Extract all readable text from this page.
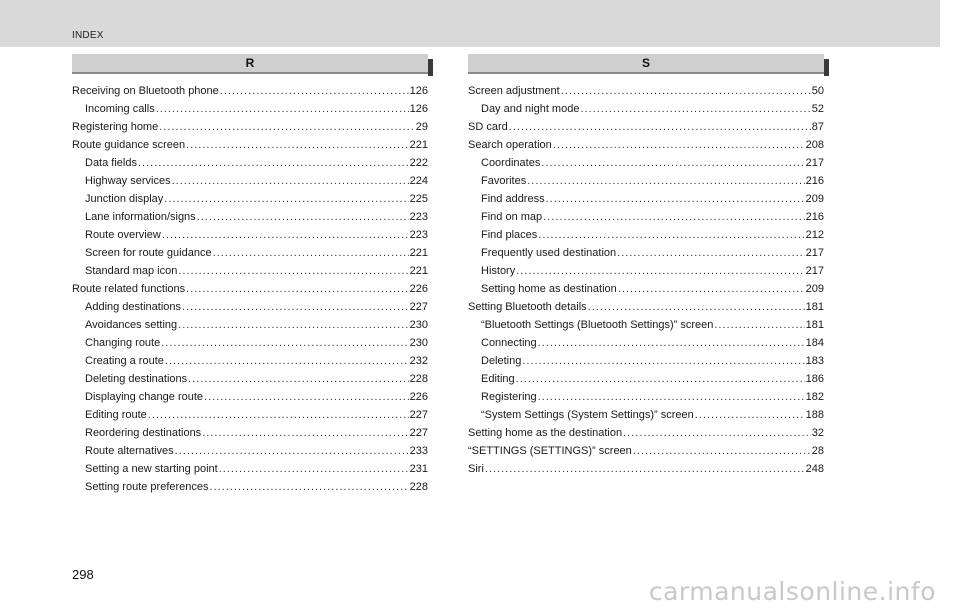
INDEX
R	S
Receiving on Bluetooth phone .....	126
Incoming calls .....	126
Registering home .....	29
Route guidance screen .....	221
Data fields .....	222
Highway services .....	224
Junction display .....	225
Lane information/signs .....	223
Route overview .....	223
Screen for route guidance .....	221
Standard map icon .....	221
Route related functions .....	226
Adding destinations .....	227
Avoidances setting .....	230
Changing route .....	230
Creating a route .....	232
Deleting destinations .....	228
Displaying change route .....	226
Editing route .....	227
Reordering destinations .....	227
Route alternatives .....	233
Setting a new starting point .....	231
Setting route preferences .....	228
Screen adjustment .....	50
Day and night mode .....	52
SD card .....	87
Search operation .....	208
Coordinates .....	217
Favorites .....	216
Find address .....	209
Find on map .....	216
Find places .....	212
Frequently used destination .....	217
History .....	217
Setting home as destination .....	209
Setting Bluetooth details .....	181
“Bluetooth Settings (Bluetooth Settings)” screen .....	181
Connecting .....	184
Deleting .....	183
Editing .....	186
Registering .....	182
“System Settings (System Settings)” screen .....	188
Setting home as the destination .....	32
“SETTINGS (SETTINGS)” screen .....	28
Siri .....	248
298
carmanualsonline.info
